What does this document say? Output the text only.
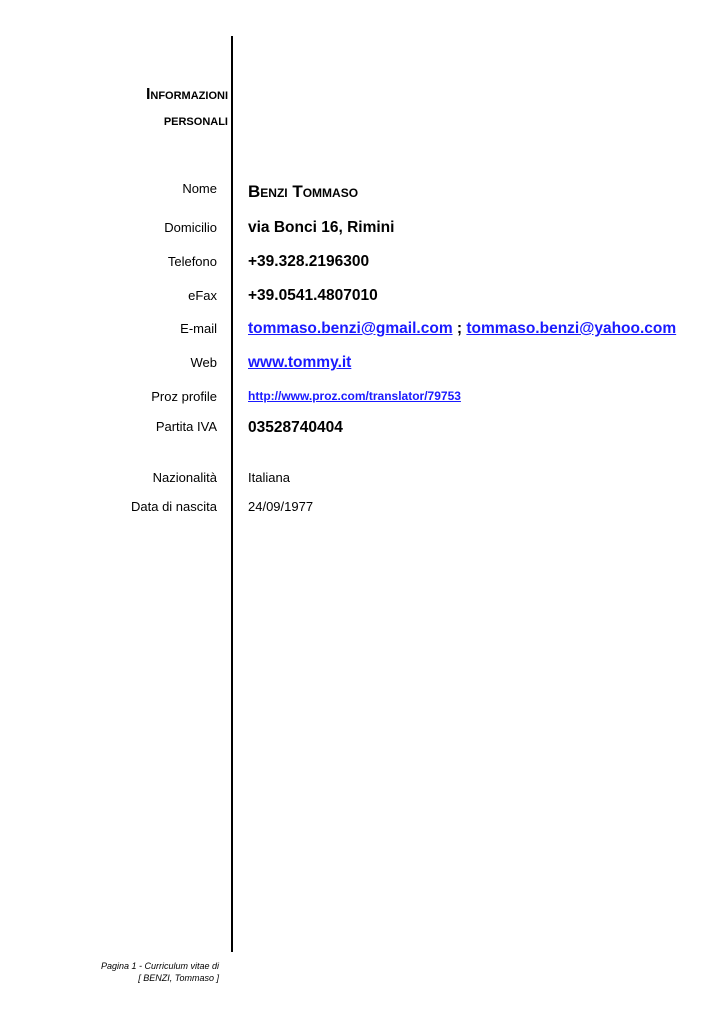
Informazioni
personali
Nome Benzi Tommaso
Domicilio via Bonci 16, Rimini
Telefono +39.328.2196300
eFax +39.0541.4807010
E-mail tommaso.benzi@gmail.com ; tommaso.benzi@yahoo.com
Web www.tommy.it
Proz profile	http://www.proz.com/translator/79753
Partita IVA 03528740404
Nazionalità Italiana
Data di nascita 24/09/1977
Pagina 1 - Curriculum vitae di
[ BENZI, Tommaso ]
